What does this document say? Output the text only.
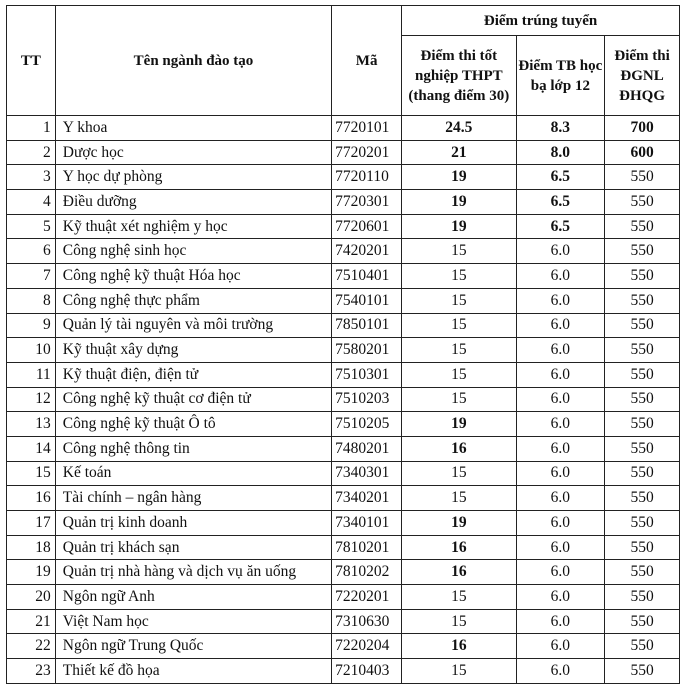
TT	Tên ngành đào tạo	Mã	Điểm trúng tuyển		
			Điểm thi tốt nghiệp THPT (thang điểm 30)	Điểm TB học bạ lớp 12	Điểm thi ĐGNL ĐHQG
1	Y khoa	7720101	24.5	8.3	700
2	Dược học	7720201	21	8.0	600
3	Y học dự phòng	7720110	19	6.5	550
4	Điều dưỡng	7720301	19	6.5	550
5	Kỹ thuật xét nghiệm y học	7720601	19	6.5	550
6	Công nghệ sinh học	7420201	15	6.0	550
7	Công nghệ kỹ thuật Hóa học	7510401	15	6.0	550
8	Công nghệ thực phẩm	7540101	15	6.0	550
9	Quản lý tài nguyên và môi trường	7850101	15	6.0	550
10	Kỹ thuật xây dựng	7580201	15	6.0	550
11	Kỹ thuật điện, điện tử	7510301	15	6.0	550
12	Công nghệ kỹ thuật cơ điện tử	7510203	15	6.0	550
13	Công nghệ kỹ thuật Ô tô	7510205	19	6.0	550
14	Công nghệ thông tin	7480201	16	6.0	550
15	Kế toán	7340301	15	6.0	550
16	Tài chính – ngân hàng	7340201	15	6.0	550
17	Quản trị kinh doanh	7340101	19	6.0	550
18	Quản trị khách sạn	7810201	16	6.0	550
19	Quản trị nhà hàng và dịch vụ ăn uống	7810202	16	6.0	550
20	Ngôn ngữ Anh	7220201	15	6.0	550
21	Việt Nam học	7310630	15	6.0	550
22	Ngôn ngữ Trung Quốc	7220204	16	6.0	550
23	Thiết kế đồ họa	7210403	15	6.0	550
